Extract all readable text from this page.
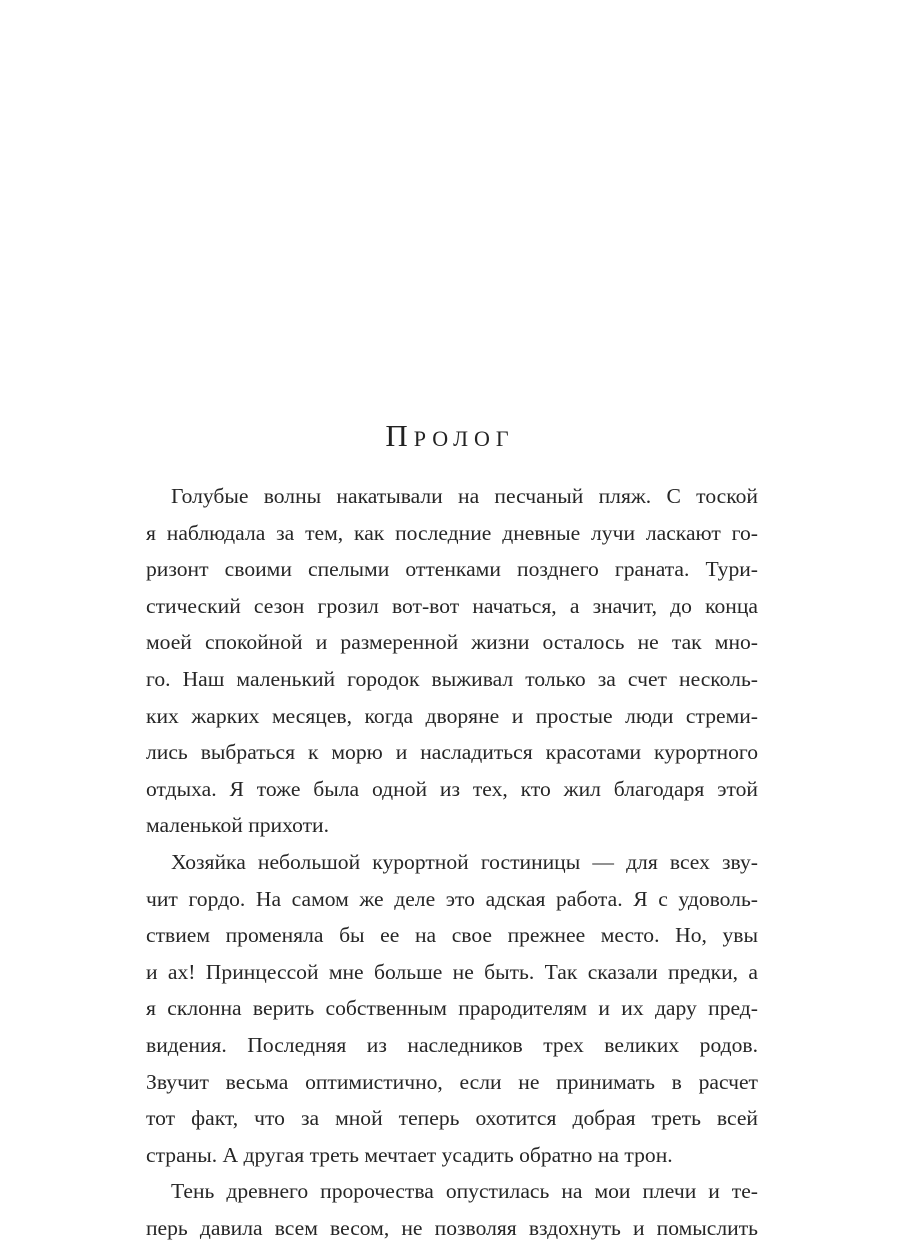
Пролог
Голубые волны накатывали на песчаный пляж. С тоской
я наблюдала за тем, как последние дневные лучи ласкают го-
ризонт своими спелыми оттенками позднего граната. Тури-
стический сезон грозил вот-вот начаться, а значит, до конца
моей спокойной и размеренной жизни осталось не так мно-
го. Наш маленький городок выживал только за счет несколь-
ких жарких месяцев, когда дворяне и простые люди стреми-
лись выбраться к морю и насладиться красотами курортного
отдыха. Я тоже была одной из тех, кто жил благодаря этой
маленькой прихоти.
Хозяйка небольшой курортной гостиницы — для всех зву-
чит гордо. На самом же деле это адская работа. Я с удоволь-
ствием променяла бы ее на свое прежнее место. Но, увы
и ах! Принцессой мне больше не быть. Так сказали предки, а
я склонна верить собственным прародителям и их дару пред-
видения. Последняя из наследников трех великих родов.
Звучит весьма оптимистично, если не принимать в расчет
тот факт, что за мной теперь охотится добрая треть всей
страны. А другая треть мечтает усадить обратно на трон.
Тень древнего пророчества опустилась на мои плечи и те-
перь давила всем весом, не позволяя вздохнуть и помыслить
